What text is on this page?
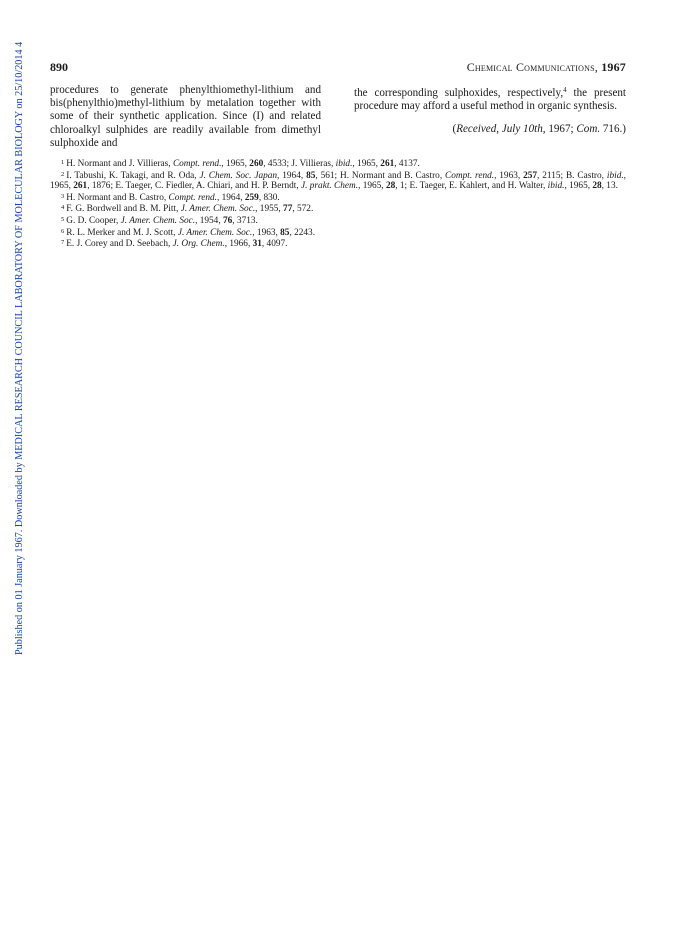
Published on 01 January 1967. Downloaded by MEDICAL RESEARCH COUNCIL LABORATORY OF MOLECULAR BIOLOGY on 25/10/2014 4 890	Chemical Communications, 1967

procedures to generate phenylthiomethyl-lithium and bis(phenylthio)methyl-lithium by metalation together with some of their synthetic application. Since (I) and related chloroalkyl sulphides are readily available from dimethyl sulphoxide and

the corresponding sulphoxides, respectively,$^4$ the present procedure may afford a useful method in organic synthesis.

(Received, July 10th, 1967; Com. 716.)

$^1$ H. Normant and J. Villieras, Compt. rend., 1965, 260, 4533; J. Villieras, ibid., 1965, 261, 4137.

$^2$ I. Tabushi, K. Takagi, and R. Oda, J. Chem. Soc. Japan, 1964, 85, 561; H. Normant and B. Castro, Compt. rend., 1963, 257, 2115; B. Castro, ibid., 1965, 261, 1876; E. Taeger, C. Fiedler, A. Chiari, and H. P. Berndt, J. prakt. Chem., 1965, 28, 1; E. Taeger, E. Kahlert, and H. Walter, ibid., 1965, 28, 13.

$^3$ H. Normant and B. Castro, Compt. rend., 1964, 259, 830.

$^4$ F. G. Bordwell and B. M. Pitt, J. Amer. Chem. Soc., 1955, 77, 572.

$^5$ G. D. Cooper, J. Amer. Chem. Soc., 1954, 76, 3713.

$^6$ R. L. Merker and M. J. Scott, J. Amer. Chem. Soc., 1963, 85, 2243.

$^7$ E. J. Corey and D. Seebach, J. Org. Chem., 1966, 31, 4097.
